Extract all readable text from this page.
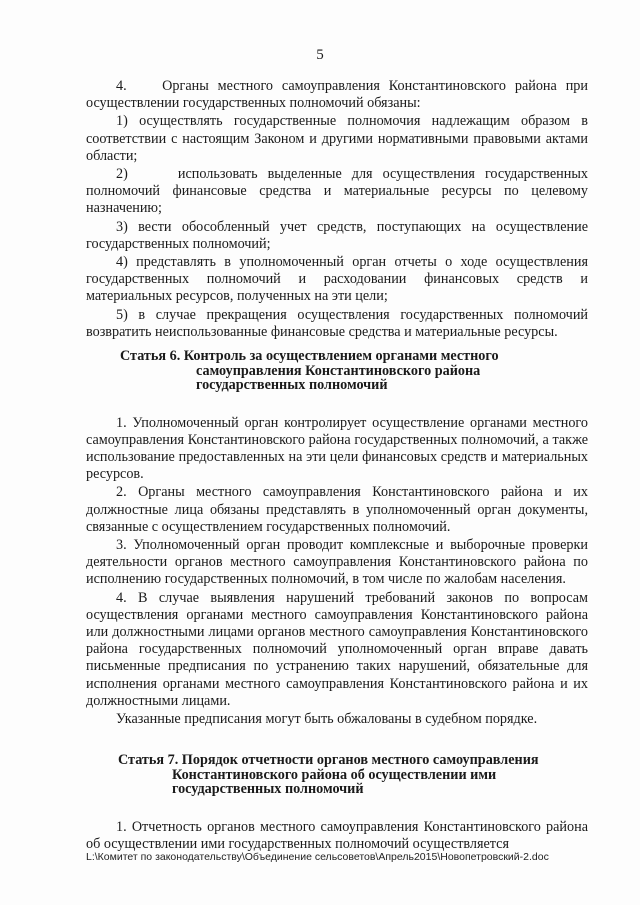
5

4.    Органы местного самоуправления Константиновского района при осуществлении государственных полномочий обязаны:

1) осуществлять государственные полномочия надлежащим образом в соответствии с настоящим Законом и другими нормативными правовыми актами области;

2)     использовать выделенные для осуществления государственных полномочий финансовые средства и материальные ресурсы по целевому назначению;

3) вести обособленный учет средств, поступающих на осуществление государственных полномочий;

4) представлять в уполномоченный орган отчеты о ходе осуществления государственных полномочий и расходовании финансовых средств и материальных ресурсов, полученных на эти цели;

5) в случае прекращения осуществления государственных полномочий возвратить неиспользованные финансовые средства и материальные ресурсы.

Статья 6. Контроль за осуществлением органами местного
самоуправления Константиновского района
государственных полномочий

1. Уполномоченный орган контролирует осуществление органами местного самоуправления Константиновского района государственных полномочий, а также использование предоставленных на эти цели финансовых средств и материальных ресурсов.

2. Органы местного самоуправления Константиновского района и их должностные лица обязаны представлять в уполномоченный орган документы, связанные с осуществлением государственных полномочий.

3. Уполномоченный орган проводит комплексные и выборочные проверки деятельности органов местного самоуправления Константиновского района по исполнению государственных полномочий, в том числе по жалобам населения.

4. В случае выявления нарушений требований законов по вопросам осуществления органами местного самоуправления Константиновского района или должностными лицами органов местного самоуправления Константиновского района государственных полномочий уполномоченный орган вправе давать письменные предписания по устранению таких нарушений, обязательные для исполнения органами местного самоуправления Константиновского района и их должностными лицами.

Указанные предписания могут быть обжалованы в судебном порядке.

Статья 7. Порядок отчетности органов местного самоуправления
Константиновского района об осуществлении ими
государственных полномочий

1. Отчетность органов местного самоуправления Константиновского района об осуществлении ими государственных полномочий осуществляется

L:\Комитет по законодательству\Объединение сельсоветов\Апрель2015\Новопетровский-2.doc
